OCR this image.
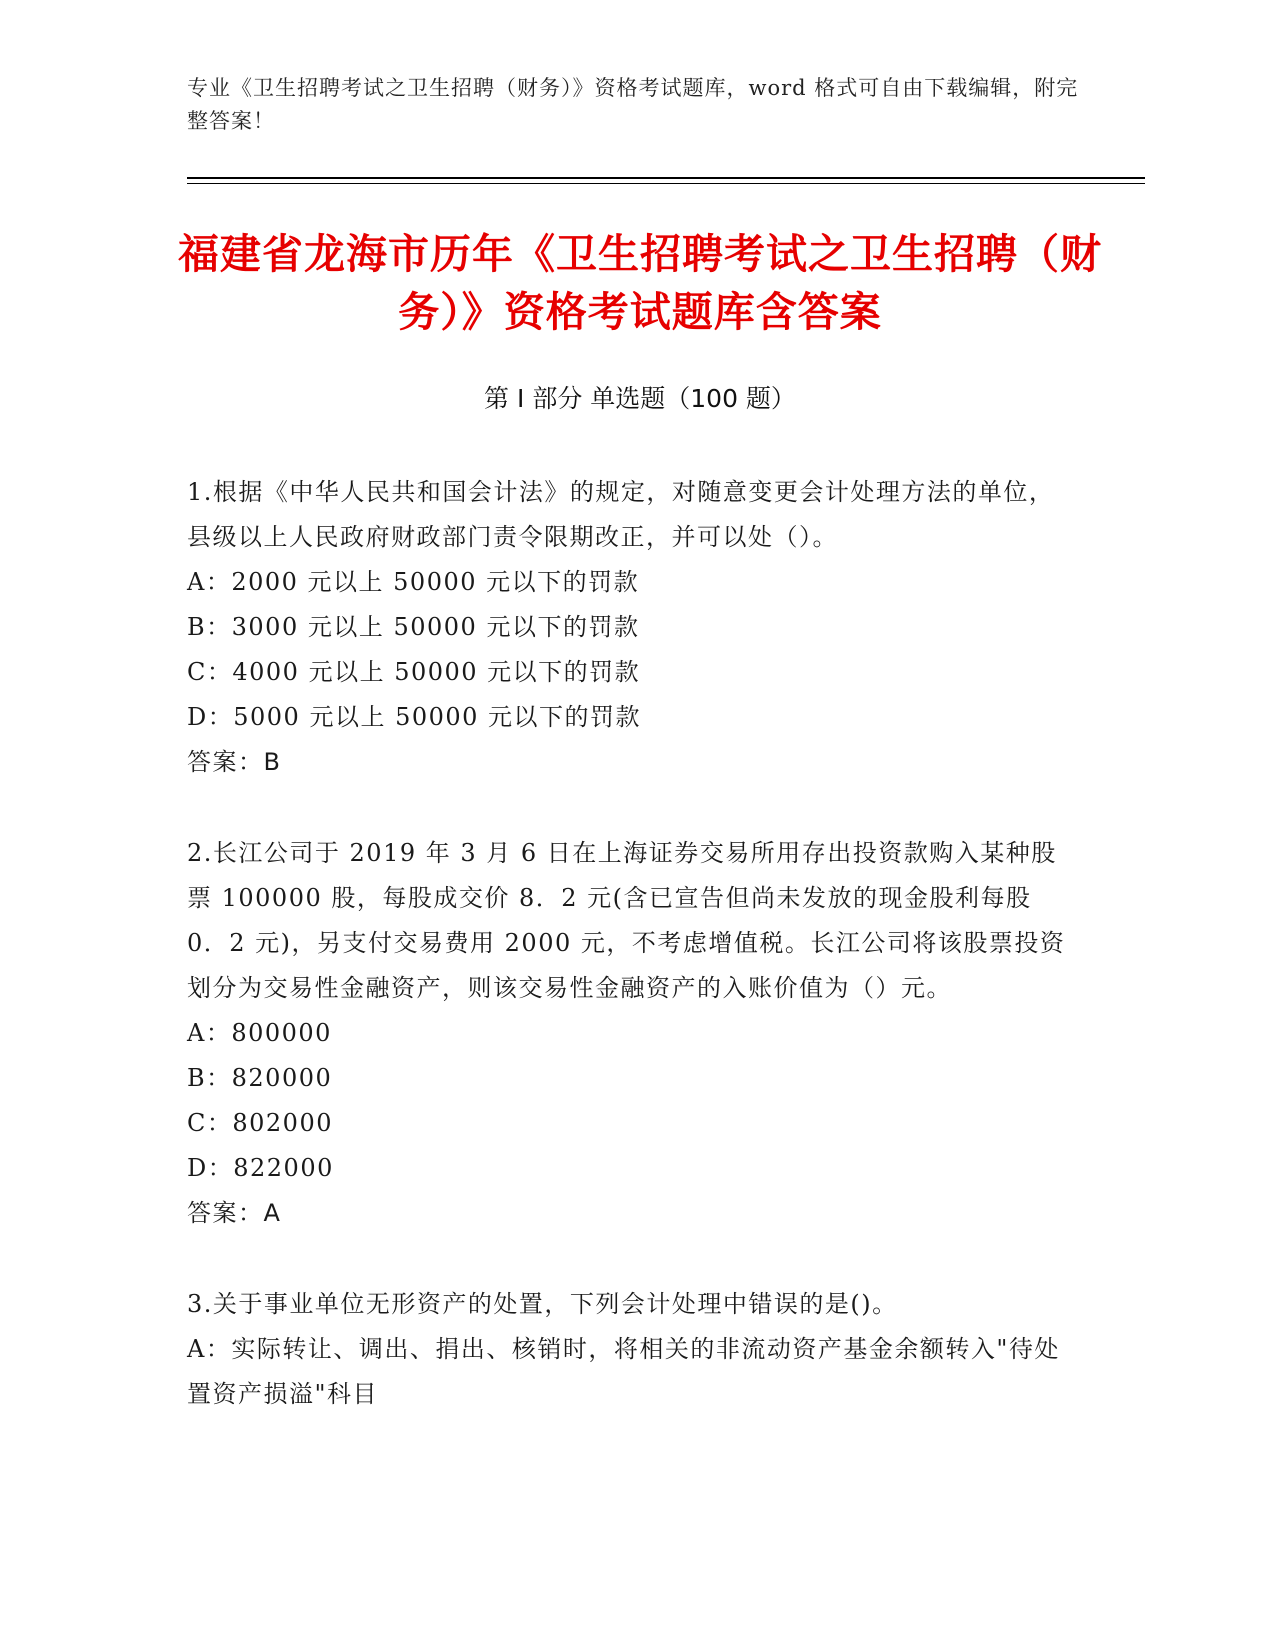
专业《卫生招聘考试之卫生招聘（财务）》资格考试题库，word 格式可自由下载编辑，附完整答案！
福建省龙海市历年《卫生招聘考试之卫生招聘（财务）》资格考试题库含答案
第 I 部分 单选题（100 题）

1.根据《中华人民共和国会计法》的规定，对随意变更会计处理方法的单位，县级以上人民政府财政部门责令限期改正，并可以处（）。

A：2000 元以上 50000 元以下的罚款

B：3000 元以上 50000 元以下的罚款

C：4000 元以上 50000 元以下的罚款

D：5000 元以上 50000 元以下的罚款

答案：B

2.长江公司于 2019 年 3 月 6 日在上海证券交易所用存出投资款购入某种股票 100000 股，每股成交价 8．2 元(含已宣告但尚未发放的现金股利每股 0．2 元)，另支付交易费用 2000 元，不考虑增值税。长江公司将该股票投资划分为交易性金融资产，则该交易性金融资产的入账价值为（）元。

A：800000

B：820000

C：802000

D：822000

答案：A

3.关于事业单位无形资产的处置，下列会计处理中错误的是()。

A：实际转让、调出、捐出、核销时，将相关的非流动资产基金余额转入"待处置资产损溢"科目
